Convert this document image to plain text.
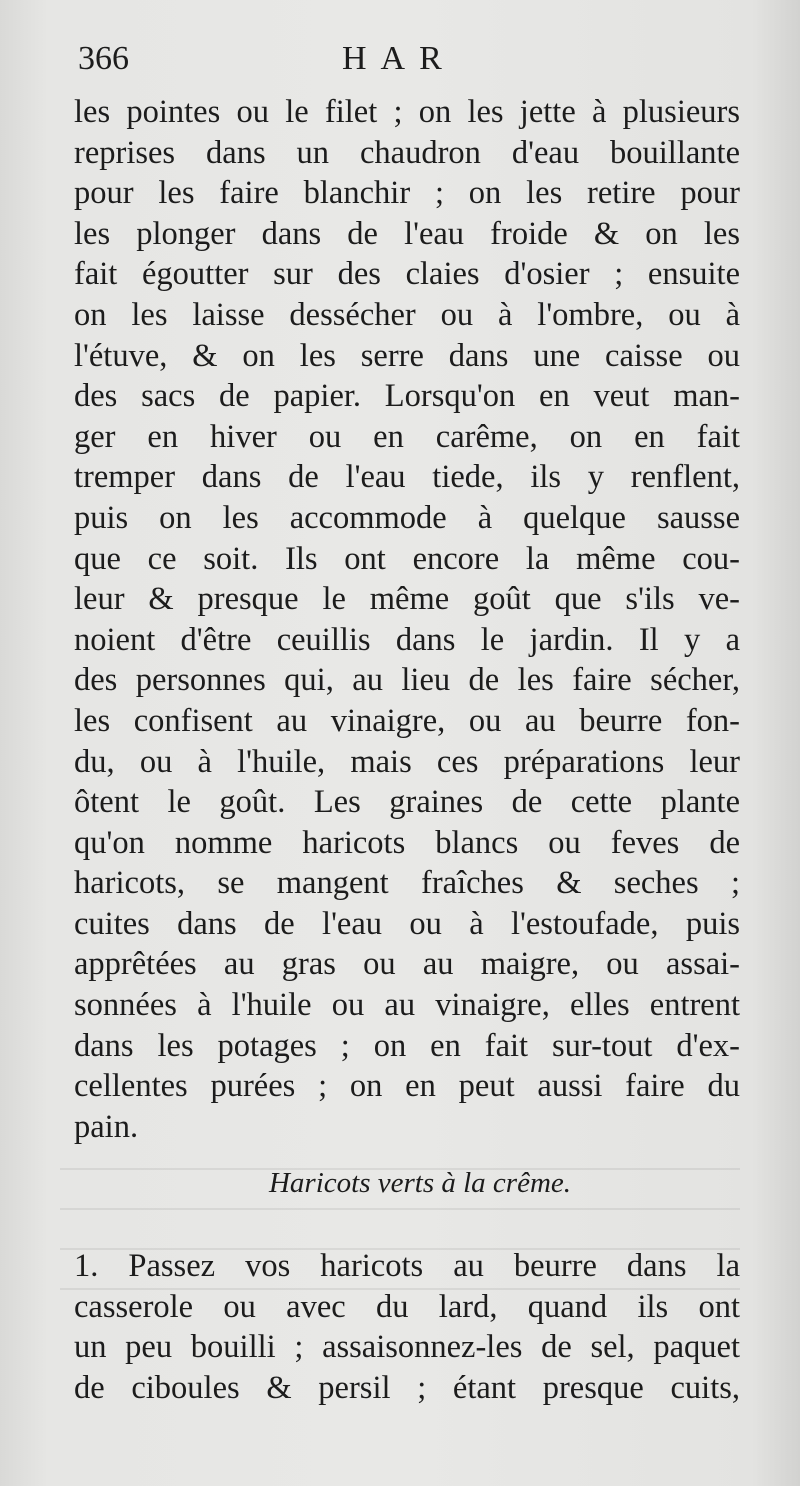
366	HAR
les pointes ou le filet ; on les jette à plusieurs
reprises dans un chaudron d'eau bouillante
pour les faire blanchir ; on les retire pour
les plonger dans de l'eau froide & on les
fait égoutter sur des claies d'osier ; ensuite
on les laisse dessécher ou à l'ombre, ou à
l'étuve, & on les serre dans une caisse ou
des sacs de papier. Lorsqu'on en veut man-
ger en hiver ou en carême, on en fait
tremper dans de l'eau tiede, ils y renflent,
puis on les accommode à quelque sausse
que ce soit. Ils ont encore la même cou-
leur & presque le même goût que s'ils ve-
noient d'être ceuillis dans le jardin. Il y a
des personnes qui, au lieu de les faire sécher,
les confisent au vinaigre, ou au beurre fon-
du, ou à l'huile, mais ces préparations leur
ôtent le goût. Les graines de cette plante
qu'on nomme haricots blancs ou feves de
haricots, se mangent fraîches & seches ;
cuites dans de l'eau ou à l'estoufade, puis
apprêtées au gras ou au maigre, ou assai-
sonnées à l'huile ou au vinaigre, elles entrent
dans les potages ; on en fait sur-tout d'ex-
cellentes purées ; on en peut aussi faire du
pain.
Haricots verts à la crême.
1. Passez vos haricots au beurre dans la
casserole ou avec du lard, quand ils ont
un peu bouilli ; assaisonnez-les de sel, paquet
de ciboules & persil ; étant presque cuits,
